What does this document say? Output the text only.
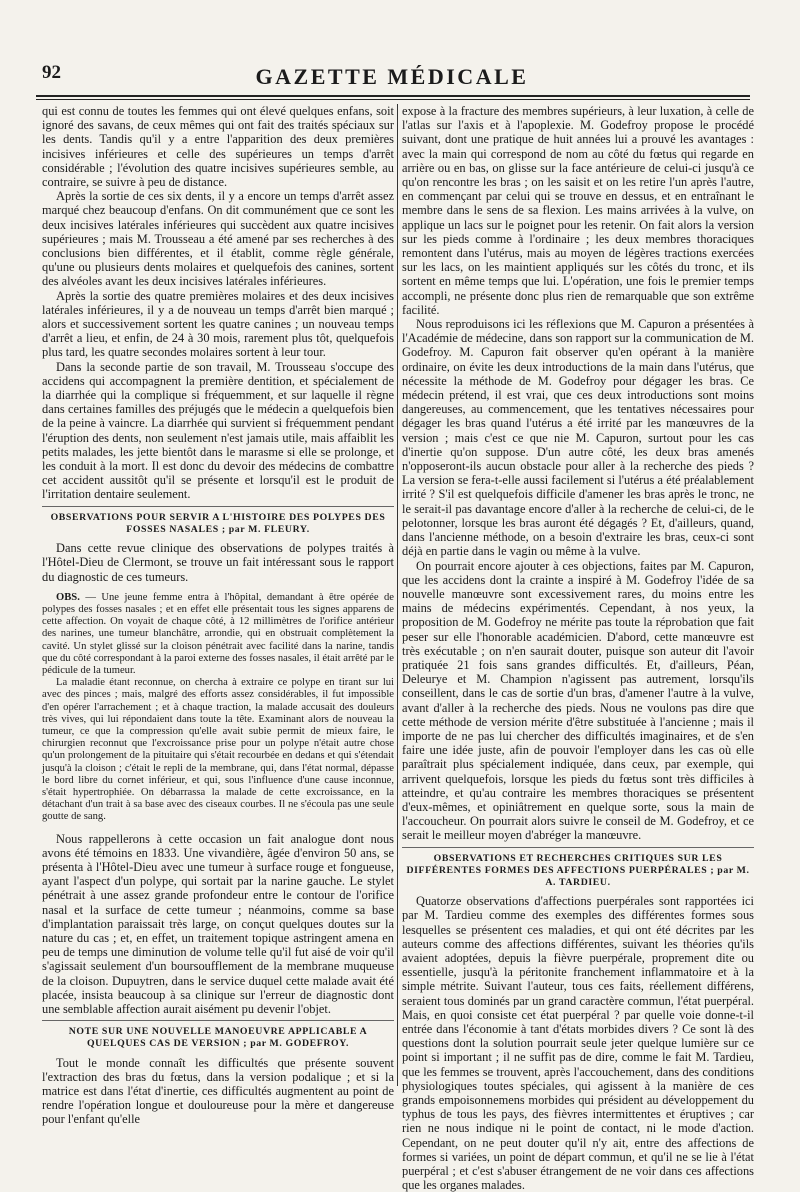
92	GAZETTE MÉDICALE

qui est connu de toutes les femmes qui ont élevé quelques enfans, soit ignoré des savans, de ceux mêmes qui ont fait des traités spéciaux sur les dents. Tandis qu'il y a entre l'apparition des deux premières incisives inférieures et celle des supérieures un temps d'arrêt considérable ; l'évolution des quatre incisives supérieures semble, au contraire, se suivre à peu de distance.

Après la sortie de ces six dents, il y a encore un temps d'arrêt assez marqué chez beaucoup d'enfans. On dit communément que ce sont les deux incisives latérales inférieures qui succèdent aux quatre incisives supérieures ; mais M. Trousseau a été amené par ses recherches à des conclusions bien différentes, et il établit, comme règle générale, qu'une ou plusieurs dents molaires et quelquefois des canines, sortent des alvéoles avant les deux incisives latérales inférieures.

Après la sortie des quatre premières molaires et des deux incisives latérales inférieures, il y a de nouveau un temps d'arrêt bien marqué ; alors et successivement sortent les quatre canines ; un nouveau temps d'arrêt a lieu, et enfin, de 24 à 30 mois, rarement plus tôt, quelquefois plus tard, les quatre secondes molaires sortent à leur tour.

Dans la seconde partie de son travail, M. Trousseau s'occupe des accidens qui accompagnent la première dentition, et spécialement de la diarrhée qui la complique si fréquemment, et sur laquelle il règne dans certaines familles des préjugés que le médecin a quelquefois bien de la peine à vaincre. La diarrhée qui survient si fréquemment pendant l'éruption des dents, non seulement n'est jamais utile, mais affaiblit les petits malades, les jette bientôt dans le marasme si elle se prolonge, et les conduit à la mort. Il est donc du devoir des médecins de combattre cet accident aussitôt qu'il se présente et lorsqu'il est le produit de l'irritation dentaire seulement.

OBSERVATIONS POUR SERVIR A L'HISTOIRE DES POLYPES DES FOSSES NASALES ; par M. FLEURY.

Dans cette revue clinique des observations de polypes traités à l'Hôtel-Dieu de Clermont, se trouve un fait intéressant sous le rapport du diagnostic de ces tumeurs.

OBS. — Une jeune femme entra à l'hôpital, demandant à être opérée de polypes des fosses nasales ; et en effet elle présentait tous les signes apparens de cette affection. On voyait de chaque côté, à 12 millimètres de l'orifice antérieur des narines, une tumeur blanchâtre, arrondie, qui en obstruait complètement la cavité. Un stylet glissé sur la cloison pénétrait avec facilité dans la narine, tandis que du côté correspondant à la paroi externe des fosses nasales, il était arrêté par le pédicule de la tumeur.

La maladie étant reconnue, on chercha à extraire ce polype en tirant sur lui avec des pinces ; mais, malgré des efforts assez considérables, il fut impossible d'en opérer l'arrachement ; et à chaque traction, la malade accusait des douleurs très vives, qui lui répondaient dans toute la tête. Examinant alors de nouveau la tumeur, ce que la compression qu'elle avait subie permit de mieux faire, le chirurgien reconnut que l'excroissance prise pour un polype n'était autre chose qu'un prolongement de la pituitaire qui s'était recourbée en dedans et qui s'étendait jusqu'à la cloison ; c'était le repli de la membrane, qui, dans l'état normal, dépasse le bord libre du cornet inférieur, et qui, sous l'influence d'une cause inconnue, s'était hypertrophiée. On débarrassa la malade de cette excroissance, en la détachant d'un trait à sa base avec des ciseaux courbes. Il ne s'écoula pas une seule goutte de sang.

Nous rappellerons à cette occasion un fait analogue dont nous avons été témoins en 1833. Une vivandière, âgée d'environ 50 ans, se présenta à l'Hôtel-Dieu avec une tumeur à surface rouge et fongueuse, ayant l'aspect d'un polype, qui sortait par la narine gauche. Le stylet pénétrait à une assez grande profondeur entre le contour de l'orifice nasal et la surface de cette tumeur ; néanmoins, comme sa base d'implantation paraissait très large, on conçut quelques doutes sur la nature du cas ; et, en effet, un traitement topique astringent amena en peu de temps une diminution de volume telle qu'il fut aisé de voir qu'il s'agissait seulement d'un boursoufflement de la membrane muqueuse de la cloison. Dupuytren, dans le service duquel cette malade avait été placée, insista beaucoup à sa clinique sur l'erreur de diagnostic dont une semblable affection aurait aisément pu devenir l'objet.

NOTE SUR UNE NOUVELLE MANOEUVRE APPLICABLE A QUELQUES CAS DE VERSION ; par M. GODEFROY.

Tout le monde connaît les difficultés que présente souvent l'extraction des bras du fœtus, dans la version podalique ; et si la matrice est dans l'état d'inertie, ces difficultés augmentent au point de rendre l'opération longue et douloureuse pour la mère et dangereuse pour l'enfant qu'elle

expose à la fracture des membres supérieurs, à leur luxation, à celle de l'atlas sur l'axis et à l'apoplexie. M. Godefroy propose le procédé suivant, dont une pratique de huit années lui a prouvé les avantages : avec la main qui correspond de nom au côté du fœtus qui regarde en arrière ou en bas, on glisse sur la face antérieure de celui-ci jusqu'à ce qu'on rencontre les bras ; on les saisit et on les retire l'un après l'autre, en commençant par celui qui se trouve en dessus, et en entraînant le membre dans le sens de sa flexion. Les mains arrivées à la vulve, on applique un lacs sur le poignet pour les retenir. On fait alors la version sur les pieds comme à l'ordinaire ; les deux membres thoraciques remontent dans l'utérus, mais au moyen de légères tractions exercées sur les lacs, on les maintient appliqués sur les côtés du tronc, et ils sortent en même temps que lui. L'opération, une fois le premier temps accompli, ne présente donc plus rien de remarquable que son extrême facilité.

Nous reproduisons ici les réflexions que M. Capuron a présentées à l'Académie de médecine, dans son rapport sur la communication de M. Godefroy. M. Capuron fait observer qu'en opérant à la manière ordinaire, on évite les deux introductions de la main dans l'utérus, que nécessite la méthode de M. Godefroy pour dégager les bras. Ce médecin prétend, il est vrai, que ces deux introductions sont moins dangereuses, au commencement, que les tentatives nécessaires pour dégager les bras quand l'utérus a été irrité par les manœuvres de la version ; mais c'est ce que nie M. Capuron, surtout pour les cas d'inertie qu'on suppose. D'un autre côté, les deux bras amenés n'opposeront-ils aucun obstacle pour aller à la recherche des pieds ? La version se fera-t-elle aussi facilement si l'utérus a été préalablement irrité ? S'il est quelquefois difficile d'amener les bras après le tronc, ne le serait-il pas davantage encore d'aller à la recherche de celui-ci, de le pelotonner, lorsque les bras auront été dégagés ? Et, d'ailleurs, quand, dans l'ancienne méthode, on a besoin d'extraire les bras, ceux-ci sont déjà en partie dans le vagin ou même à la vulve.

On pourrait encore ajouter à ces objections, faites par M. Capuron, que les accidens dont la crainte a inspiré à M. Godefroy l'idée de sa nouvelle manœuvre sont excessivement rares, du moins entre les mains de médecins expérimentés. Cependant, à nos yeux, la proposition de M. Godefroy ne mérite pas toute la réprobation que fait peser sur elle l'honorable académicien. D'abord, cette manœuvre est très exécutable ; on n'en saurait douter, puisque son auteur dit l'avoir pratiquée 21 fois sans grandes difficultés. Et, d'ailleurs, Péan, Deleurye et M. Champion n'agissent pas autrement, lorsqu'ils conseillent, dans le cas de sortie d'un bras, d'amener l'autre à la vulve, avant d'aller à la recherche des pieds. Nous ne voulons pas dire que cette méthode de version mérite d'être substituée à l'ancienne ; mais il importe de ne pas lui chercher des difficultés imaginaires, et de s'en faire une idée juste, afin de pouvoir l'employer dans les cas où elle paraîtrait plus spécialement indiquée, dans ceux, par exemple, qui arrivent quelquefois, lorsque les pieds du fœtus sont très difficiles à atteindre, et qu'au contraire les membres thoraciques se présentent d'eux-mêmes, et opiniâtrement en quelque sorte, sous la main de l'accoucheur. On pourrait alors suivre le conseil de M. Godefroy, et ce serait le meilleur moyen d'abréger la manœuvre.

OBSERVATIONS ET RECHERCHES CRITIQUES SUR LES DIFFÉRENTES FORMES DES AFFECTIONS PUERPÉRALES ; par M. A. TARDIEU.

Quatorze observations d'affections puerpérales sont rapportées ici par M. Tardieu comme des exemples des différentes formes sous lesquelles se présentent ces maladies, et qui ont été décrites par les auteurs comme des affections différentes, suivant les théories qu'ils avaient adoptées, depuis la fièvre puerpérale, proprement dite ou essentielle, jusqu'à la péritonite franchement inflammatoire et à la simple métrite. Suivant l'auteur, tous ces faits, réellement différens, seraient tous dominés par un grand caractère commun, l'état puerpéral. Mais, en quoi consiste cet état puerpéral ? par quelle voie donne-t-il entrée dans l'économie à tant d'états morbides divers ? Ce sont là des questions dont la solution pourrait seule jeter quelque lumière sur ce point si important ; il ne suffit pas de dire, comme le fait M. Tardieu, que les femmes se trouvent, après l'accouchement, dans des conditions physiologiques toutes spéciales, qui agissent à la manière de ces grands empoisonnemens morbides qui président au développement du typhus de tous les pays, des fièvres intermittentes et éruptives ; car rien ne nous indique ni le point de contact, ni le mode d'action. Cependant, on ne peut douter qu'il n'y ait, entre des affections de formes si variées, un point de départ commun, et qu'il ne se lie à l'état puerpéral ; et c'est s'abuser étrangement de ne voir dans ces affections que les organes malades.
